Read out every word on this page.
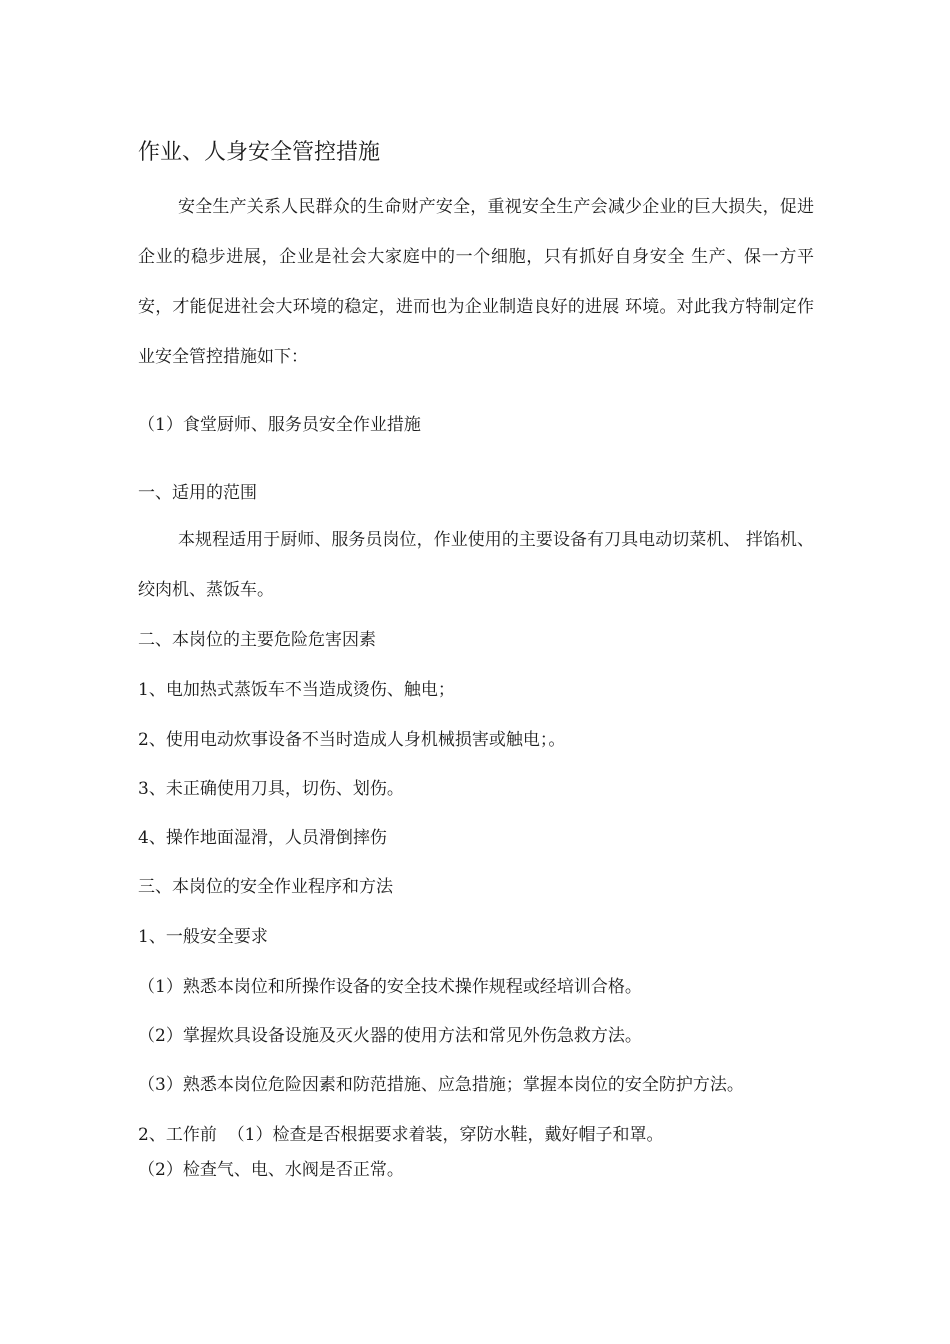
作业、人身安全管控措施
安全生产关系人民群众的生命财产安全，重视安全生产会减少企业的巨大损失，促进企业的稳步进展，企业是社会大家庭中的一个细胞，只有抓好自身安全 生产、保一方平安，才能促进社会大环境的稳定，进而也为企业制造良好的进展 环境。对此我方特制定作业安全管控措施如下：
（1）食堂厨师、服务员安全作业措施
一、适用的范围
本规程适用于厨师、服务员岗位，作业使用的主要设备有刀具电动切菜机、 拌馅机、绞肉机、蒸饭车。
二、本岗位的主要危险危害因素
1、电加热式蒸饭车不当造成烫伤、触电；
2、使用电动炊事设备不当时造成人身机械损害或触电；。
3、未正确使用刀具，切伤、划伤。
4、操作地面湿滑，人员滑倒摔伤
三、本岗位的安全作业程序和方法
1、一般安全要求
（1）熟悉本岗位和所操作设备的安全技术操作规程或经培训合格。
（2）掌握炊具设备设施及灭火器的使用方法和常见外伤急救方法。
（3）熟悉本岗位危险因素和防范措施、应急措施；掌握本岗位的安全防护方法。
2、工作前  （1）检查是否根据要求着装，穿防水鞋，戴好帽子和罩。
（2）检查气、电、水阀是否正常。
